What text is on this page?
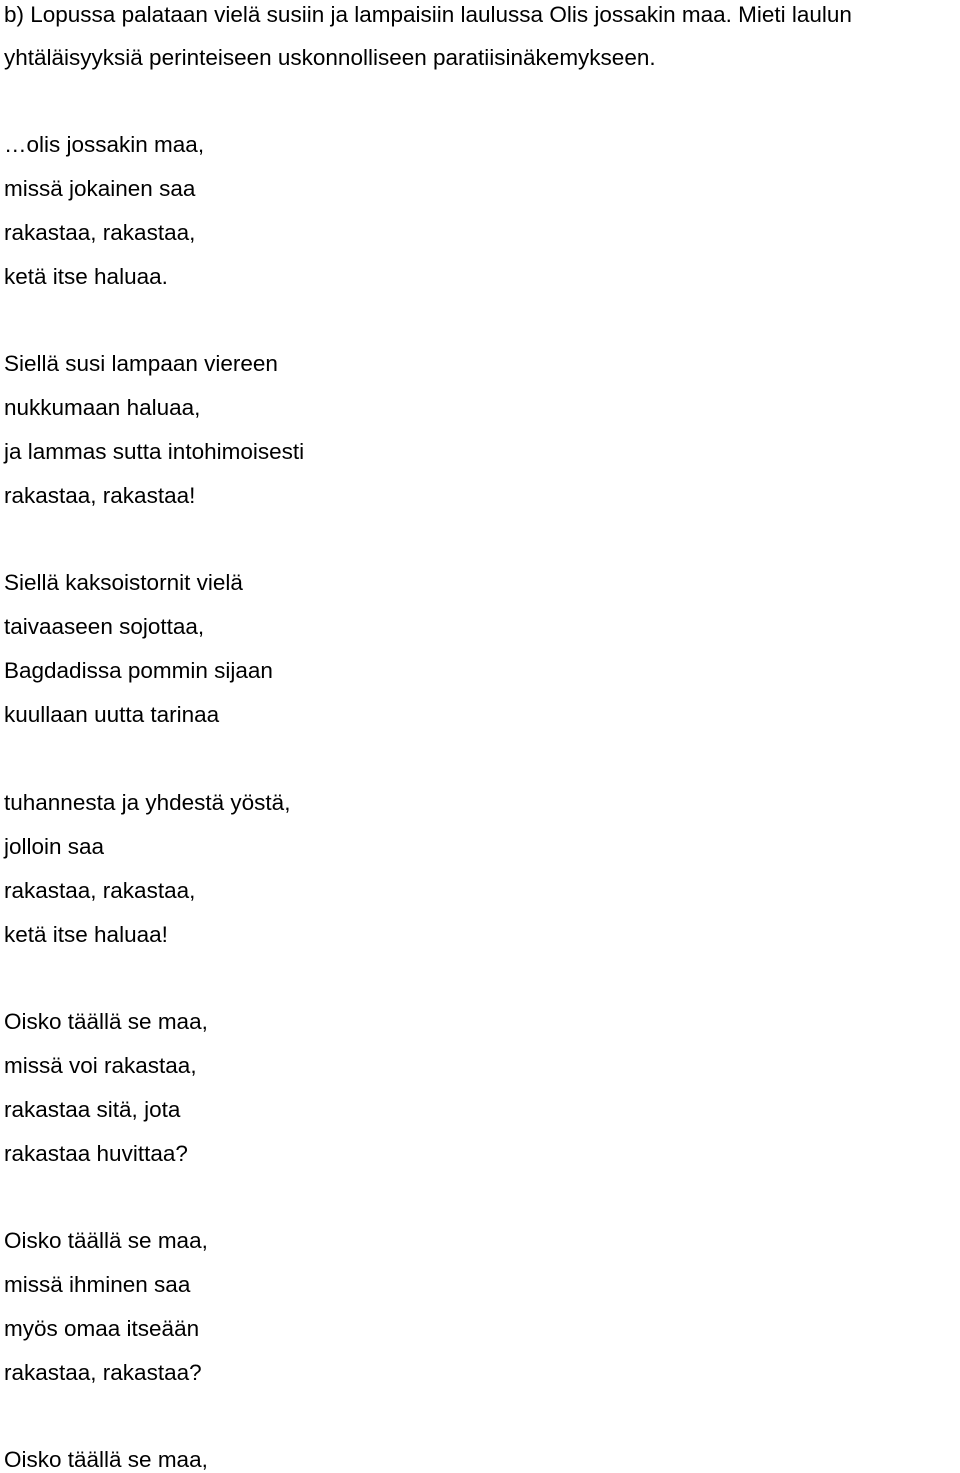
b) Lopussa palataan vielä susiin ja lampaisiin laulussa Olis jossakin maa. Mieti laulun

yhtäläisyyksiä perinteiseen uskonnolliseen paratiisinäkemykseen.

…olis jossakin maa,

missä jokainen saa

rakastaa, rakastaa,

ketä itse haluaa.

Siellä susi lampaan viereen

nukkumaan haluaa,

ja lammas sutta intohimoisesti

rakastaa, rakastaa!

Siellä kaksoistornit vielä

taivaaseen sojottaa,

Bagdadissa pommin sijaan

kuullaan uutta tarinaa

tuhannesta ja yhdestä yöstä,

jolloin saa

rakastaa, rakastaa,

ketä itse haluaa!

Oisko täällä se maa,

missä voi rakastaa,

rakastaa sitä, jota

rakastaa huvittaa?

Oisko täällä se maa,

missä ihminen saa

myös omaa itseään

rakastaa, rakastaa?

Oisko täällä se maa,
